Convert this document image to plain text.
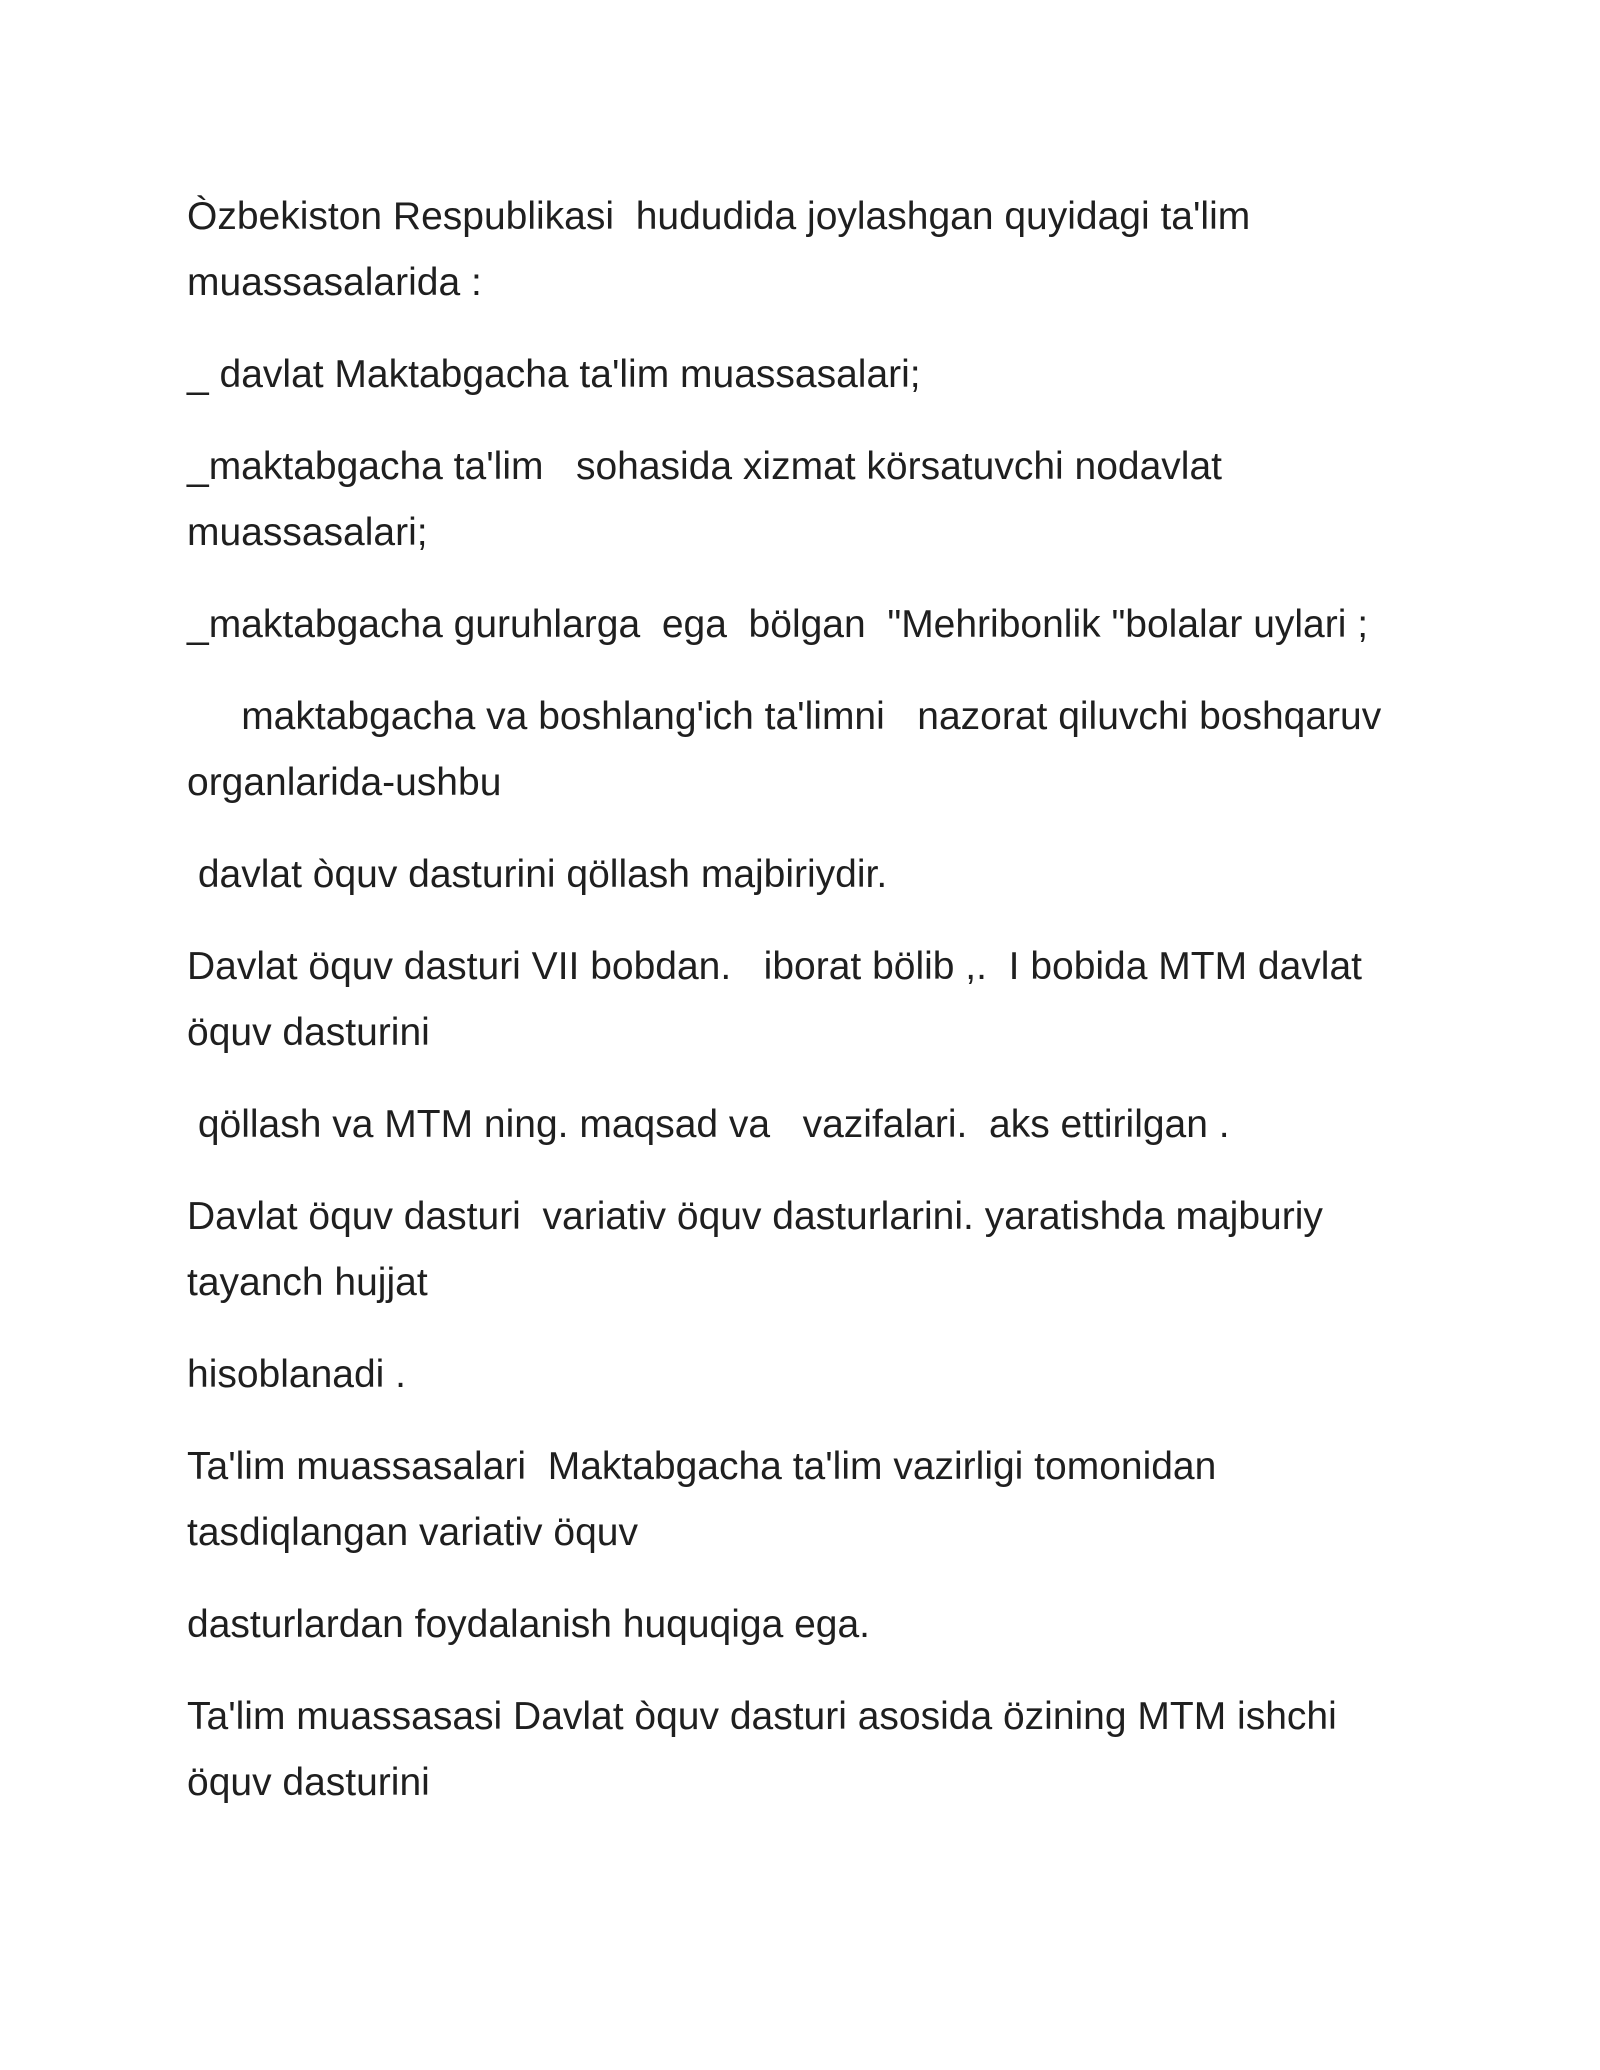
Òzbekiston Respublikasi  hududida joylashgan quyidagi ta'lim muassasalarida :

_ davlat Maktabgacha ta'lim muassasalari;

_maktabgacha ta'lim   sohasida xizmat körsatuvchi nodavlat muassasalari;

_maktabgacha guruhlarga  ega  bölgan  "Mehribonlik "bolalar uylari ;

maktabgacha va boshlang'ich ta'limni   nazorat qiluvchi boshqaruv organlarida-ushbu

davlat òquv dasturini qöllash majbiriydir.

Davlat öquv dasturi VII bobdan.   iborat bölib ,.  I bobida MTM davlat öquv dasturini

qöllash va MTM ning. maqsad va   vazifalari.  aks ettirilgan .

Davlat öquv dasturi  variativ öquv dasturlarini. yaratishda majburiy tayanch hujjat

hisoblanadi .

Ta'lim muassasalari  Maktabgacha ta'lim vazirligi tomonidan tasdiqlangan variativ öquv

dasturlardan foydalanish huquqiga ega.

Ta'lim muassasasi Davlat òquv dasturi asosida özining MTM ishchi öquv dasturini
